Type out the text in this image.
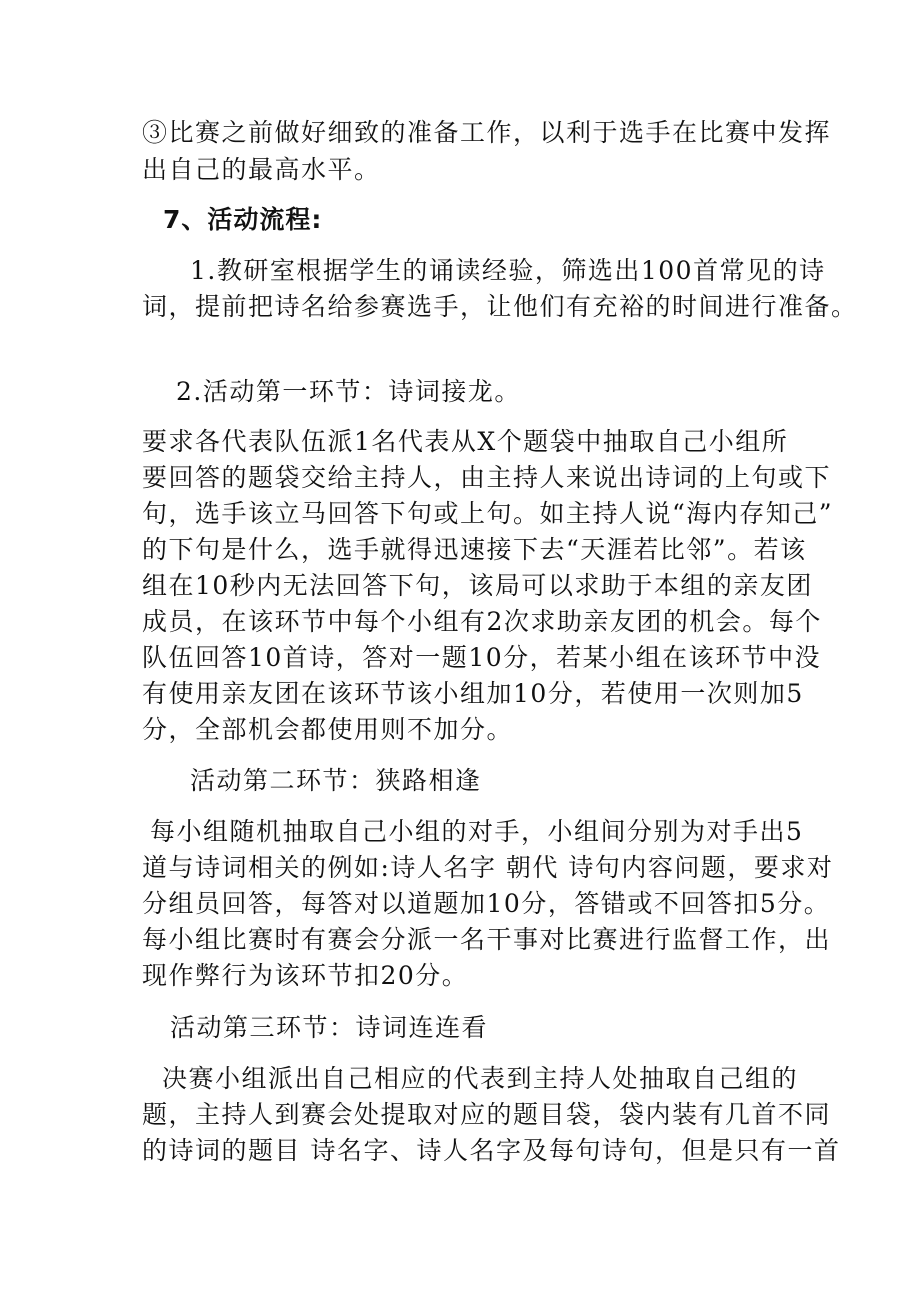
③比赛之前做好细致的准备工作，以利于选手在比赛中发挥
出自己的最高水平。
7、活动流程:
1.教研室根据学生的诵读经验，筛选出100首常见的诗
词，提前把诗名给参赛选手，让他们有充裕的时间进行准备。
2.活动第一环节：诗词接龙。
要求各代表队伍派1名代表从X个题袋中抽取自己小组所
要回答的题袋交给主持人，由主持人来说出诗词的上句或下
句，选手该立马回答下句或上句。如主持人说“海内存知己”
的下句是什么，选手就得迅速接下去“天涯若比邻”。若该
组在10秒内无法回答下句，该局可以求助于本组的亲友团
成员，在该环节中每个小组有2次求助亲友团的机会。每个
队伍回答10首诗，答对一题10分，若某小组在该环节中没
有使用亲友团在该环节该小组加10分，若使用一次则加5
分，全部机会都使用则不加分。
活动第二环节：狭路相逢
每小组随机抽取自己小组的对手，小组间分别为对手出5
道与诗词相关的例如:诗人名字 朝代 诗句内容问题，要求对
分组员回答，每答对以道题加10分，答错或不回答扣5分。
每小组比赛时有赛会分派一名干事对比赛进行监督工作，出
现作弊行为该环节扣20分。
活动第三环节：诗词连连看
决赛小组派出自己相应的代表到主持人处抽取自己组的
题，主持人到赛会处提取对应的题目袋，袋内装有几首不同
的诗词的题目 诗名字、诗人名字及每句诗句，但是只有一首
